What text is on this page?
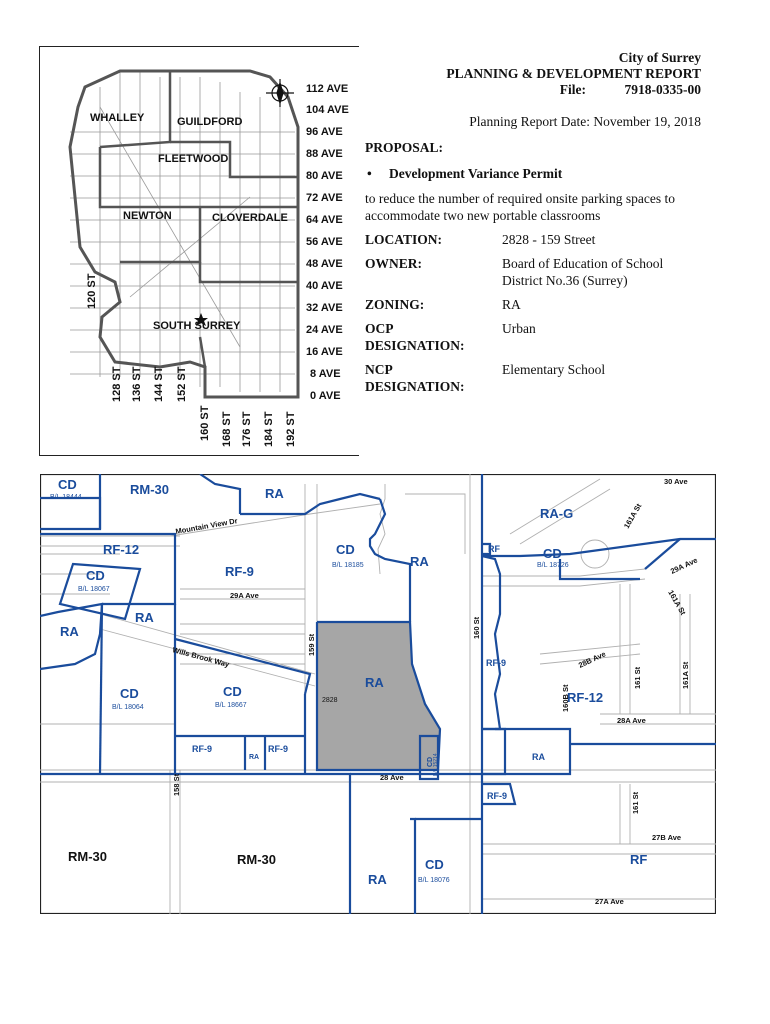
WHALLEY	GUILDFORD
FLEETWOOD
NEWTON	CLOVERDALE
SOUTH SURREY
112 AVE
104 AVE
96 AVE
88 AVE
80 AVE
72 AVE
64 AVE
56 AVE
48 AVE
40 AVE
32 AVE
24 AVE
16 AVE
8 AVE
0 AVE
120 ST
128 ST 136 ST 144 ST 152 ST
160 ST 168 ST 176 ST 184 ST 192 ST
City of Surrey
PLANNING & DEVELOPMENT REPORT
File:	7918-0335-00
Planning Report Date: November 19, 2018
PROPOSAL:
•	Development Variance Permit
to reduce the number of required onsite parking spaces to accommodate two new portable classrooms
LOCATION:	2828 - 159 Street
OWNER:	Board of Education of School District No.36 (Surrey)
ZONING:	RA
OCP DESIGNATION:
Urban
NCP DESIGNATION:
Elementary School
CD
B/L 18444
RM-30	RA
RA-G
RF-12
CD
B/L 18067
RF-9
RA
RA
CD
B/L 18185	RA
RF	CD
B/L 18726
RF-9
RF-12
CD
B/L 18064
CD
B/L 18667
RA
2828
RF-9
RA
RF-9
CD B/L 15214	RA
RF-9
RM-30	RM-30
RA
CD
B/L 18076
RF
30 Ave
Mountain View Dr
29A Ave
Wills Brook Way
159 St
160 St
161A St
29A Ave
161A St
28B Ave
161 St
160B St
161A St
28A Ave
28 Ave
158 St
161 St
27B Ave
27A Ave
